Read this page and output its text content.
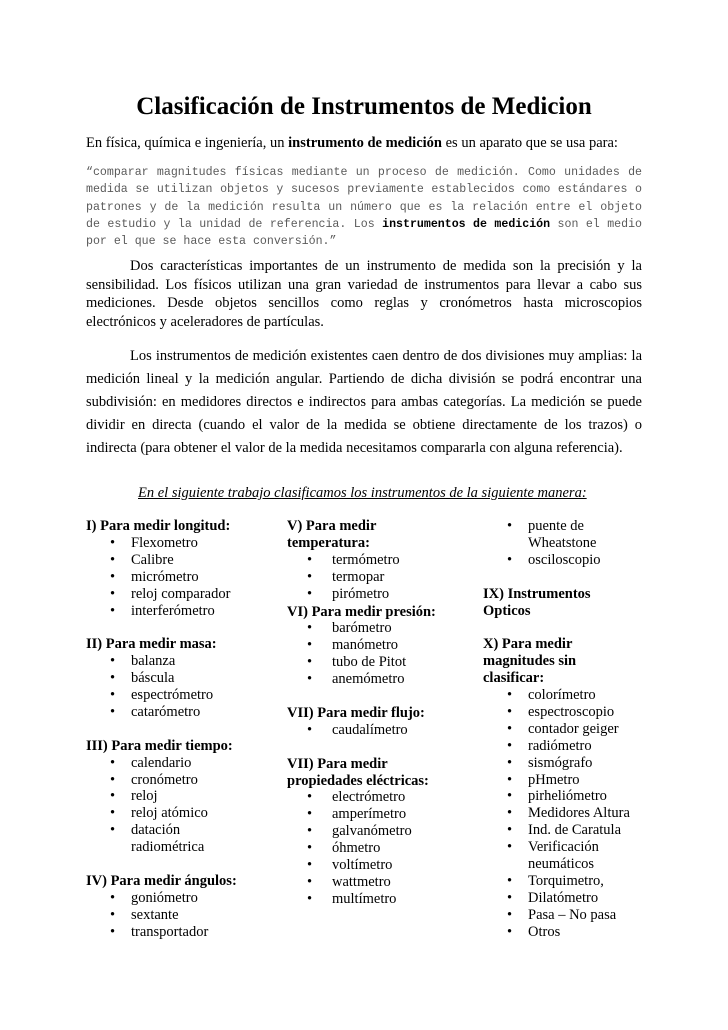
Clasificación de Instrumentos de Medicion
En física, química e ingeniería, un instrumento de medición es un aparato que se usa para:
“comparar magnitudes físicas mediante un proceso de medición. Como unidades de medida se utilizan objetos y sucesos previamente establecidos como estándares o patrones y de la medición resulta un número que es la relación entre el objeto de estudio y la unidad de referencia. Los instrumentos de medición son el medio por el que se hace esta conversión.”
Dos características importantes de un instrumento de medida son la precisión y la sensibilidad. Los físicos utilizan una gran variedad de instrumentos para llevar a cabo sus mediciones. Desde objetos sencillos como reglas y cronómetros hasta microscopios electrónicos y aceleradores de partículas.
Los instrumentos de medición existentes caen dentro de dos divisiones muy amplias: la medición lineal y la medición angular. Partiendo de dicha división se podrá encontrar una subdivisión: en medidores directos e indirectos para ambas categorías. La medición se puede dividir en directa (cuando el valor de la medida se obtiene directamente de los trazos) o indirecta (para obtener el valor de la medida necesitamos compararla con alguna referencia).
En el siguiente trabajo clasificamos los instrumentos de la siguiente manera:

I) Para medir longitud:

• Flexometro
• Calibre
• micrómetro
• reloj comparador
• interferómetro

II) Para medir masa:

• balanza
• báscula
• espectrómetro
• catarómetro

III) Para medir tiempo:

• calendario
• cronómetro
• reloj
• reloj atómico
• datación radiométrica

IV) Para medir ángulos:

• goniómetro
• sextante
• transportador

V) Para medir temperatura:

• termómetro
• termopar
• pirómetro

VI) Para medir presión:

• barómetro
• manómetro
• tubo de Pitot
• anemómetro

VII) Para medir flujo:

• caudalímetro

VII) Para medir propiedades eléctricas:

• electrómetro
• amperímetro
• galvanómetro
• óhmetro
• voltímetro
• wattmetro
• multímetro
• puente de Wheatstone
• osciloscopio

IX) Instrumentos Opticos

X) Para medir magnitudes sin clasificar:

• colorímetro
• espectroscopio
• contador geiger
• radiómetro
• sismógrafo
• pHmetro
• pirheliómetro
• Medidores Altura
• Ind. de Caratula
• Verificación neumáticos
• Torquimetro,
• Dilatómetro
• Pasa – No pasa
• Otros
